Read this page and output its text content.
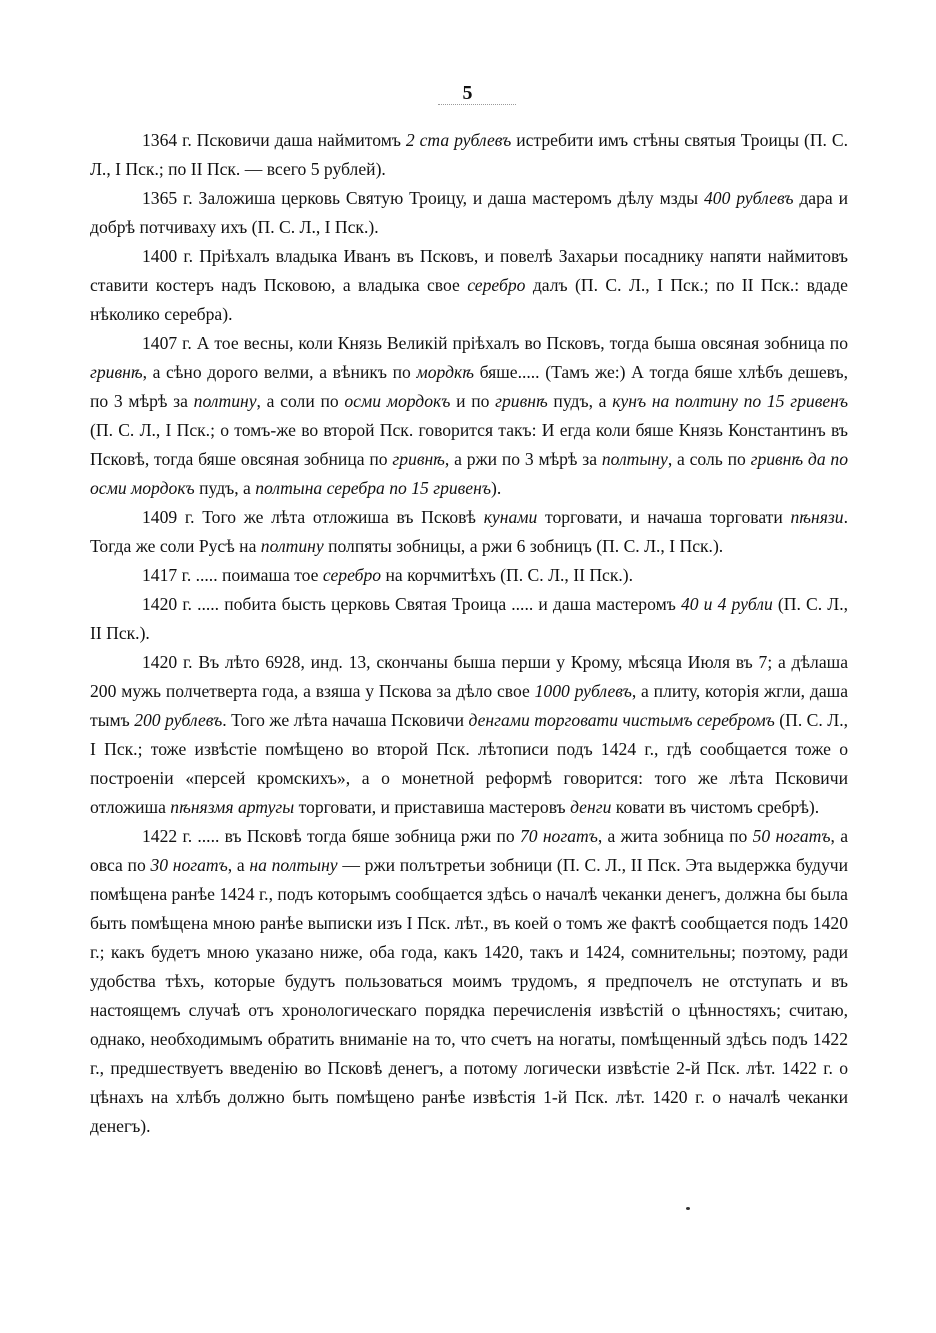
5

1364 г. Псковичи даша наймитомъ 2 ста рублевъ истребити имъ стѣны святыя Троицы (П. С. Л., I Пск.; по II Пск. — всего 5 рублей).

1365 г. Заложиша церковь Святую Троицу, и даша мастеромъ дѣлу мзды 400 рублевъ дара и добрѣ потчиваху ихъ (П. С. Л., I Пск.).

1400 г. Пріѣхалъ владыка Иванъ въ Псковъ, и повелѣ Захарьи посаднику напяти наймитовъ ставити костеръ надъ Псковою, а владыка свое серебро далъ (П. С. Л., I Пск.; по II Пск.: вдаде нѣколико серебра).

1407 г. А тое весны, коли Князь Великій пріѣхалъ во Псковъ, тогда быша овсяная зобница по гривнѣ, а сѣно дорого велми, а вѣникъ по мордкѣ бяше..... (Тамъ же:) А тогда бяше хлѣбъ дешевъ, по 3 мѣрѣ за полтину, а соли по осми мордокъ и по гривнѣ пудъ, а кунъ на полтину по 15 гривенъ (П. С. Л., I Пск.; о томъ-же во второй Пск. говорится такъ: И егда коли бяше Князь Константинъ въ Псковѣ, тогда бяше овсяная зобница по гривнѣ, а ржи по 3 мѣрѣ за полтыну, а соль по гривнѣ да по осми мордокъ пудъ, а полтына серебра по 15 гривенъ).

1409 г. Того же лѣта отложиша въ Псковѣ кунами торговати, и начаша торговати пѣнязи. Тогда же соли Русѣ на полтину полпяты зобницы, а ржи 6 зобницъ (П. С. Л., I Пск.).

1417 г. ..... поимаша тое серебро на корчмитѣхъ (П. С. Л., II Пск.).

1420 г. ..... побита бысть церковь Святая Троица ..... и даша мастеромъ 40 и 4 рубли (П. С. Л., II Пск.).

1420 г. Въ лѣто 6928, инд. 13, скончаны быша перши у Крому, мѣсяца Июля въ 7; а дѣлаша 200 мужь полчетверта года, а взяша у Пскова за дѣло свое 1000 рублевъ, а плиту, которія жгли, даша тымъ 200 рублевъ. Того же лѣта начаша Псковичи денгами торговати чистымъ серебромъ (П. С. Л., I Пск.; тоже извѣстіе помѣщено во второй Пск. лѣтописи подъ 1424 г., гдѣ сообщается тоже о построеніи «персей кромскихъ», а о монетной реформѣ говорится: того же лѣта Псковичи отложиша пѣнязмя артугы торговати, и приставиша мастеровъ денги ковати въ чистомъ сребрѣ).

1422 г. ..... въ Псковѣ тогда бяше зобница ржи по 70 ногатъ, а жита зобница по 50 ногатъ, а овса по 30 ногатъ, а на полтыну — ржи полътретьи зобници (П. С. Л., II Пск. Эта выдержка будучи помѣщена ранѣе 1424 г., подъ которымъ сообщается здѣсь о началѣ чеканки денегъ, должна бы была быть помѣщена мною ранѣе выписки изъ I Пск. лѣт., въ коей о томъ же фактѣ сообщается подъ 1420 г.; какъ будетъ мною указано ниже, оба года, какъ 1420, такъ и 1424, сомнительны; поэтому, ради удобства тѣхъ, которые будутъ пользоваться моимъ трудомъ, я предпочелъ не отступать и въ настоящемъ случаѣ отъ хронологическаго порядка перечисленія извѣстій о цѣнностяхъ; считаю, однако, необходимымъ обратить вниманіе на то, что счетъ на ногаты, помѣщенный здѣсь подъ 1422 г., предшествуетъ введенію во Псковѣ денегъ, а потому логически извѣстіе 2-й Пск. лѣт. 1422 г. о цѣнахъ на хлѣбъ должно быть помѣщено ранѣе извѣстія 1-й Пск. лѣт. 1420 г. о началѣ чеканки денегъ).
